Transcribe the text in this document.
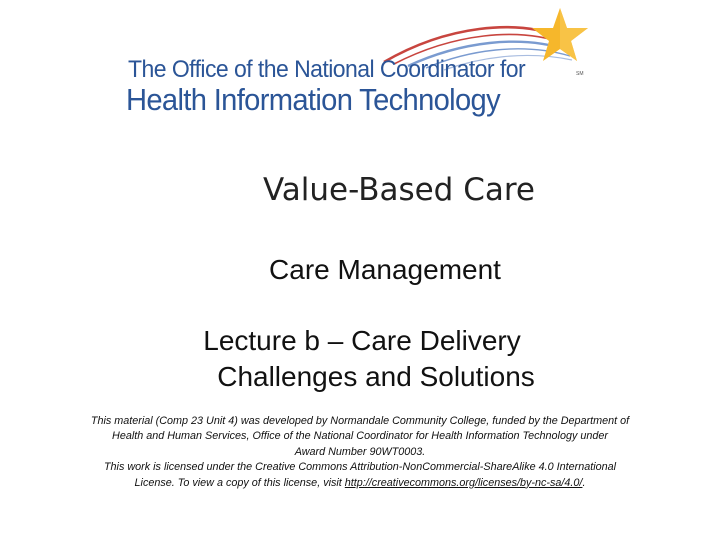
The Office of the National Coordinator for
Health Information Technology
SM
Value-Based Care
Care Management
Lecture b – Care Delivery
Challenges and Solutions
This material (Comp 23 Unit 4) was developed by Normandale Community College, funded by the Department of
Health and Human Services, Office of the National Coordinator for Health Information Technology under
Award Number 90WT0003.
This work is licensed under the Creative Commons Attribution-NonCommercial-ShareAlike 4.0 International
License. To view a copy of this license, visit http://creativecommons.org/licenses/by-nc-sa/4.0/.
